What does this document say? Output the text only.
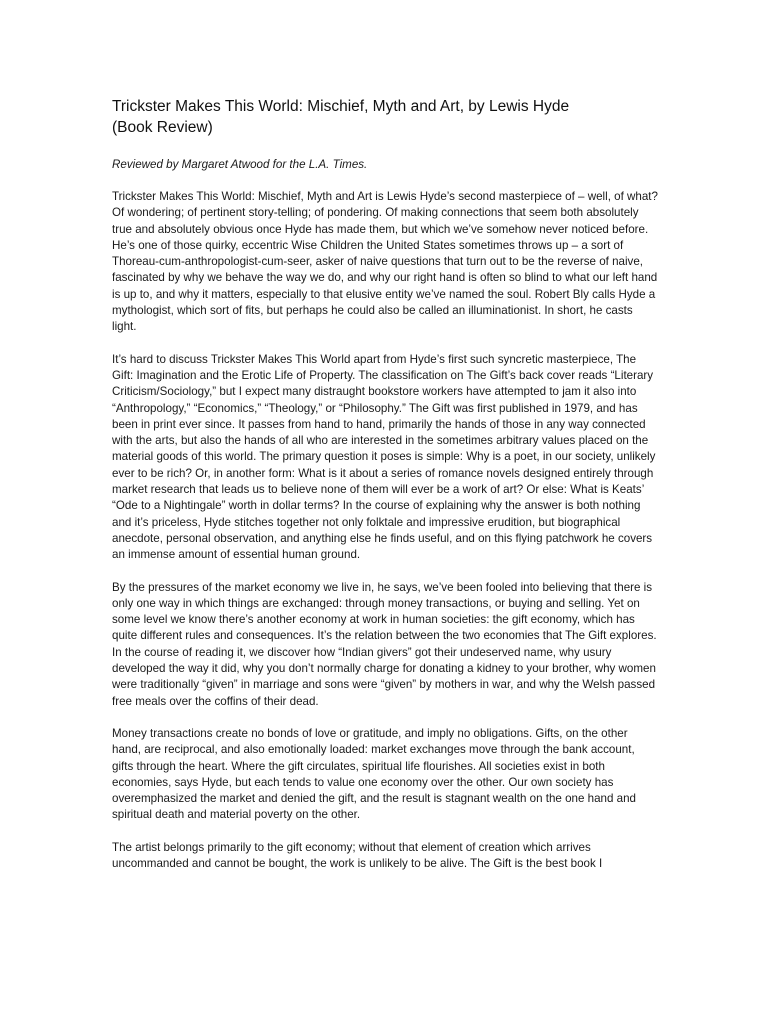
Trickster Makes This World: Mischief, Myth and Art, by Lewis Hyde
(Book Review)

Reviewed by Margaret Atwood for the L.A. Times.

Trickster Makes This World: Mischief, Myth and Art is Lewis Hyde’s second masterpiece of – well, of what? Of wondering; of pertinent story-telling; of pondering. Of making connections that seem both absolutely true and absolutely obvious once Hyde has made them, but which we’ve somehow never noticed before. He’s one of those quirky, eccentric Wise Children the United States sometimes throws up – a sort of Thoreau-cum-anthropologist-cum-seer, asker of naive questions that turn out to be the reverse of naive, fascinated by why we behave the way we do, and why our right hand is often so blind to what our left hand is up to, and why it matters, especially to that elusive entity we’ve named the soul. Robert Bly calls Hyde a mythologist, which sort of fits, but perhaps he could also be called an illuminationist. In short, he casts light.

It’s hard to discuss Trickster Makes This World apart from Hyde’s first such syncretic masterpiece, The Gift: Imagination and the Erotic Life of Property. The classification on The Gift’s back cover reads “Literary Criticism/Sociology,” but I expect many distraught bookstore workers have attempted to jam it also into “Anthropology,” “Economics,” “Theology,” or “Philosophy.” The Gift was first published in 1979, and has been in print ever since. It passes from hand to hand, primarily the hands of those in any way connected with the arts, but also the hands of all who are interested in the sometimes arbitrary values placed on the material goods of this world. The primary question it poses is simple: Why is a poet, in our society, unlikely ever to be rich? Or, in another form: What is it about a series of romance novels designed entirely through market research that leads us to believe none of them will ever be a work of art? Or else: What is Keats’ “Ode to a Nightingale” worth in dollar terms? In the course of explaining why the answer is both nothing and it’s priceless, Hyde stitches together not only folktale and impressive erudition, but biographical anecdote, personal observation, and anything else he finds useful, and on this flying patchwork he covers an immense amount of essential human ground.

By the pressures of the market economy we live in, he says, we’ve been fooled into believing that there is only one way in which things are exchanged: through money transactions, or buying and selling. Yet on some level we know there’s another economy at work in human societies: the gift economy, which has quite different rules and consequences. It’s the relation between the two economies that The Gift explores. In the course of reading it, we discover how “Indian givers” got their undeserved name, why usury developed the way it did, why you don’t normally charge for donating a kidney to your brother, why women were traditionally “given” in marriage and sons were “given” by mothers in war, and why the Welsh passed free meals over the coffins of their dead.

Money transactions create no bonds of love or gratitude, and imply no obligations. Gifts, on the other hand, are reciprocal, and also emotionally loaded: market exchanges move through the bank account, gifts through the heart. Where the gift circulates, spiritual life flourishes. All societies exist in both economies, says Hyde, but each tends to value one economy over the other. Our own society has overemphasized the market and denied the gift, and the result is stagnant wealth on the one hand and spiritual death and material poverty on the other.

The artist belongs primarily to the gift economy; without that element of creation which arrives uncommanded and cannot be bought, the work is unlikely to be alive. The Gift is the best book I
